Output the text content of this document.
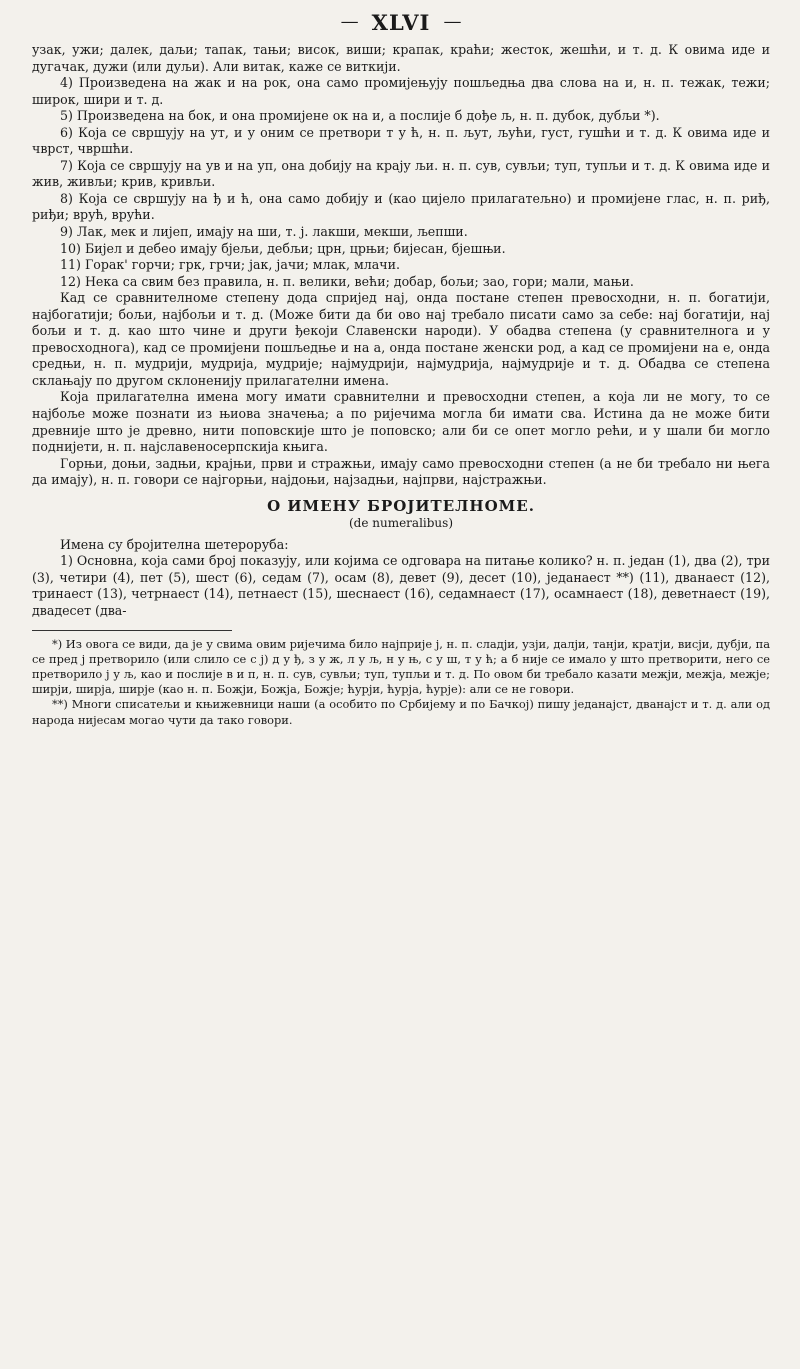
— XLVI —

узак, ужи; далек, даљи; тапак, тањи; висок, виши; крапак, краћи; жесток, жешћи, и т. д. К овима иде и дугачак, дужи (или дуљи). Али витак, каже се виткији.

4) Произведена на жак и на рок, она само промијењују пошљедња два слова на и, н. п. тежак, тежи; широк, шири и т. д.

5) Произведена на бок, и она промијене ок на и, а послије б дође љ, н. п. дубок, дубљи *).

6) Која се свршују на ут, и у оним се претвори т у ћ, н. п. љут, љући, густ, гушћи и т. д. К овима иде и чврст, чвршћи.

7) Која се свршују на ув и на уп, она добију на крају љи. н. п. сув, сувљи; туп, тупљи и т. д. К овима иде и жив, живљи; крив, кривљи.

8) Која се свршују на ђ и ћ, она само добију и (као цијело прилагатељно) и промијене глас, н. п. риђ, риђи; врућ, врући.

9) Лак, мек и лијеп, имају на ши, т. ј. лакши, мекши, љепши.

10) Бијел и дебео имају бјељи, дебљи; црн, црњи; бијесан, бјешњи.

11) Горак' горчи; грк, грчи; јак, јачи; млак, млачи.

12) Нека са свим без правила, н. п. велики, већи; добар, бољи; зао, гори; мали, мањи.

Кад се сравнителноме степену дода спријед нај, онда постане степен превосходни, н. п. богатији, најбогатији; бољи, најбољи и т. д. (Може бити да би ово нај требало писати само за себе: нај богатији, нај бољи и т. д. као што чине и други ђекоји Славенски народи). У обадва степена (у сравнителнога и у превосходнога), кад се промијени пошљедње и на а, онда постане женски род, а кад се промијени на е, онда средњи, н. п. мудрији, мудрија, мудрије; најмудрији, најмудрија, најмудрије и т. д. Обадва се степена склањају по другом склоненију прилагателни имена.

Која прилагателна имена могу имати сравнителни и превосходни степен, а која ли не могу, то се најбоље може познати из њиова значења; а по ријечима могла би имати сва. Истина да не може бити древније што је древно, нити поповскије што је поповско; али би се опет могло рећи, и у шали би могло поднијети, н. п. најславеносерпскија књига.

Горњи, доњи, задњи, крајњи, први и стражњи, имају само превосходни степен (а не би требало ни њега да имају), н. п. говори се најгорњи, најдоњи, најзадњи, најпрви, најстражњи.

О ИМЕНУ БРОЈИТЕЛНОМЕ.
(de numeralibus)

Имена су бројителна шетероруба:

1) Основна, која сами број показују, или којима се одговара на питање колико? н. п. један (1), два (2), три (3), четири (4), пет (5), шест (6), седам (7), осам (8), девет (9), десет (10), једанаест **) (11), дванаест (12), тринаест (13), четрнаест (14), петнаест (15), шеснаест (16), седамнаест (17), осамнаест (18), деветнаест (19), двадесет (два-

*) Из овога се види, да је у свима овим ријечима било најприје ј, н. п. сладји, узји, далји, танји, кратји, висји, дубји, па се пред ј претворило (или слило се с ј) д у ђ, з у ж, л у љ, н у њ, с у ш, т у ћ; а б није се имало у што претворити, него се претворило ј у љ, као и послије в и п, н. п. сув, сувљи; туп, тупљи и т. д. По овом би требало казати межји, межја, межје; ширји, ширја, ширје (као н. п. Божји, Божја, Божје; ћурји, ћурја, ћурје): али се не говори.

**) Многи списатељи и књижевници наши (а особито по Србијему и по Бачкој) пишу једанајст, дванајст и т. д. али од народа нијесам могао чути да тако говори.
